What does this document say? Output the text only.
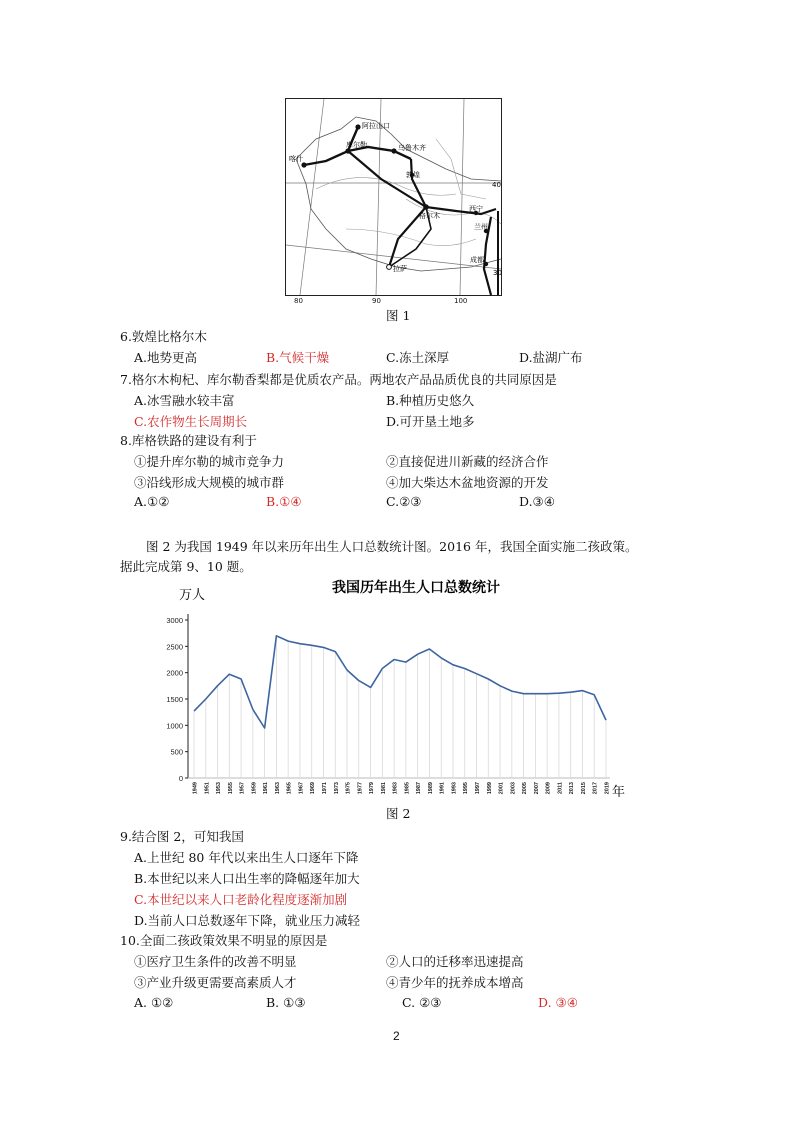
阿拉山口
库尔勒	乌鲁木齐
喀什
敦煌
格尔木
西宁
兰州
成都
拉萨
40
30
80	90	100
图 1
6.敦煌比格尔木
A.地势更高	B.气候干燥	C.冻土深厚	D.盐湖广布
7.格尔木枸杞、库尔勒香梨都是优质农产品。两地农产品品质优良的共同原因是
A.冰雪融水较丰富	B.种植历史悠久
C.农作物生长周期长	D.可开垦土地多
8.库格铁路的建设有利于
①提升库尔勒的城市竞争力	②直接促进川新藏的经济合作
③沿线形成大规模的城市群	④加大柴达木盆地资源的开发
A.①②	B.①④	C.②③	D.③④
图 2 为我国 1949 年以来历年出生人口总数统计图。2016 年，我国全面实施二孩政策。
据此完成第 9、10 题。
我国历年出生人口总数统计
万人
年
0
500
1000
1500
2000
2500
3000
1949 1951 1953 1955 1957 1959 1961 1963 1965 1967 1969 1971 1973 1975 1977 1979 1981 1983 1985 1987 1989 1991 1993 1995 1997 1999 2001 2003 2005 2007 2009 2011 2013 2015 2017 2019
图 2
9.结合图 2，可知我国
A.上世纪 80 年代以来出生人口逐年下降
B.本世纪以来人口出生率的降幅逐年加大
C.本世纪以来人口老龄化程度逐渐加剧
D.当前人口总数逐年下降，就业压力减轻
10.全面二孩政策效果不明显的原因是
①医疗卫生条件的改善不明显	②人口的迁移率迅速提高
③产业升级更需要高素质人才	④青少年的抚养成本增高
A. ①②	B. ①③	C. ②③	D. ③④
2
